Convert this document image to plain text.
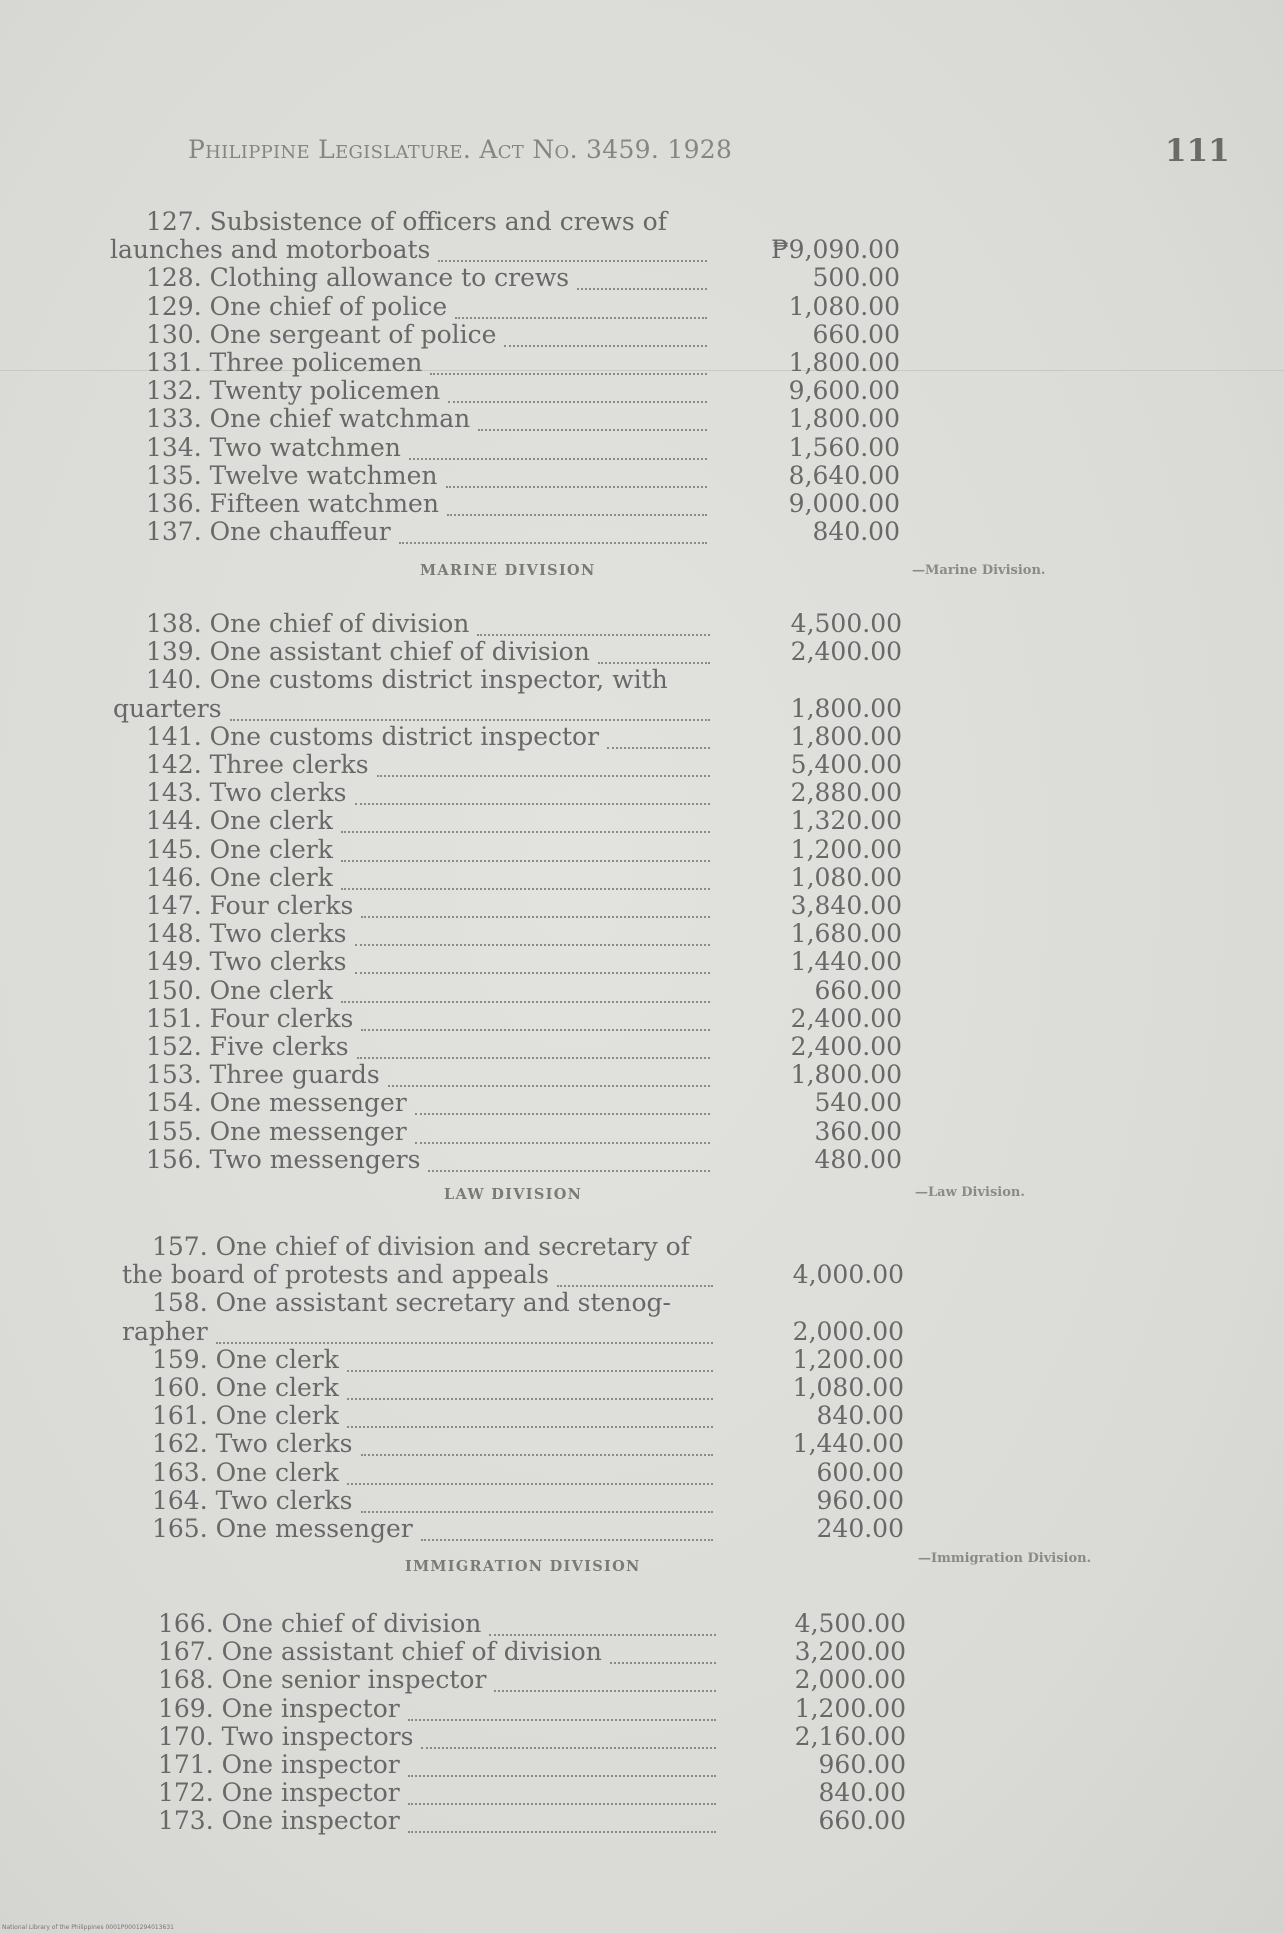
Philippine Legislature. Act No. 3459. 1928	111
127. Subsistence of officers and crews of
launches and motorboats	₱9,090.00
128. Clothing allowance to crews	500.00
129. One chief of police	1,080.00
130. One sergeant of police	660.00
131. Three policemen	1,800.00
132. Twenty policemen	9,600.00
133. One chief watchman	1,800.00
134. Two watchmen	1,560.00
135. Twelve watchmen	8,640.00
136. Fifteen watchmen	9,000.00
137. One chauffeur	840.00
MARINE DIVISION	—Marine Division.
138. One chief of division	4,500.00
139. One assistant chief of division	2,400.00
140. One customs district inspector, with
quarters	1,800.00
141. One customs district inspector	1,800.00
142. Three clerks	5,400.00
143. Two clerks	2,880.00
144. One clerk	1,320.00
145. One clerk	1,200.00
146. One clerk	1,080.00
147. Four clerks	3,840.00
148. Two clerks	1,680.00
149. Two clerks	1,440.00
150. One clerk	660.00
151. Four clerks	2,400.00
152. Five clerks	2,400.00
153. Three guards	1,800.00
154. One messenger	540.00
155. One messenger	360.00
156. Two messengers	480.00
LAW DIVISION	—Law Division.
157. One chief of division and secretary of
the board of protests and appeals	4,000.00
158. One assistant secretary and stenog-
rapher	2,000.00
159. One clerk	1,200.00
160. One clerk	1,080.00
161. One clerk	840.00
162. Two clerks	1,440.00
163. One clerk	600.00
164. Two clerks	960.00
165. One messenger	240.00
IMMIGRATION DIVISION	—Immigration Division.
166. One chief of division	4,500.00
167. One assistant chief of division	3,200.00
168. One senior inspector	2,000.00
169. One inspector	1,200.00
170. Two inspectors	2,160.00
171. One inspector	960.00
172. One inspector	840.00
173. One inspector	660.00
National Library of the Philippines 0001P0001294013631
